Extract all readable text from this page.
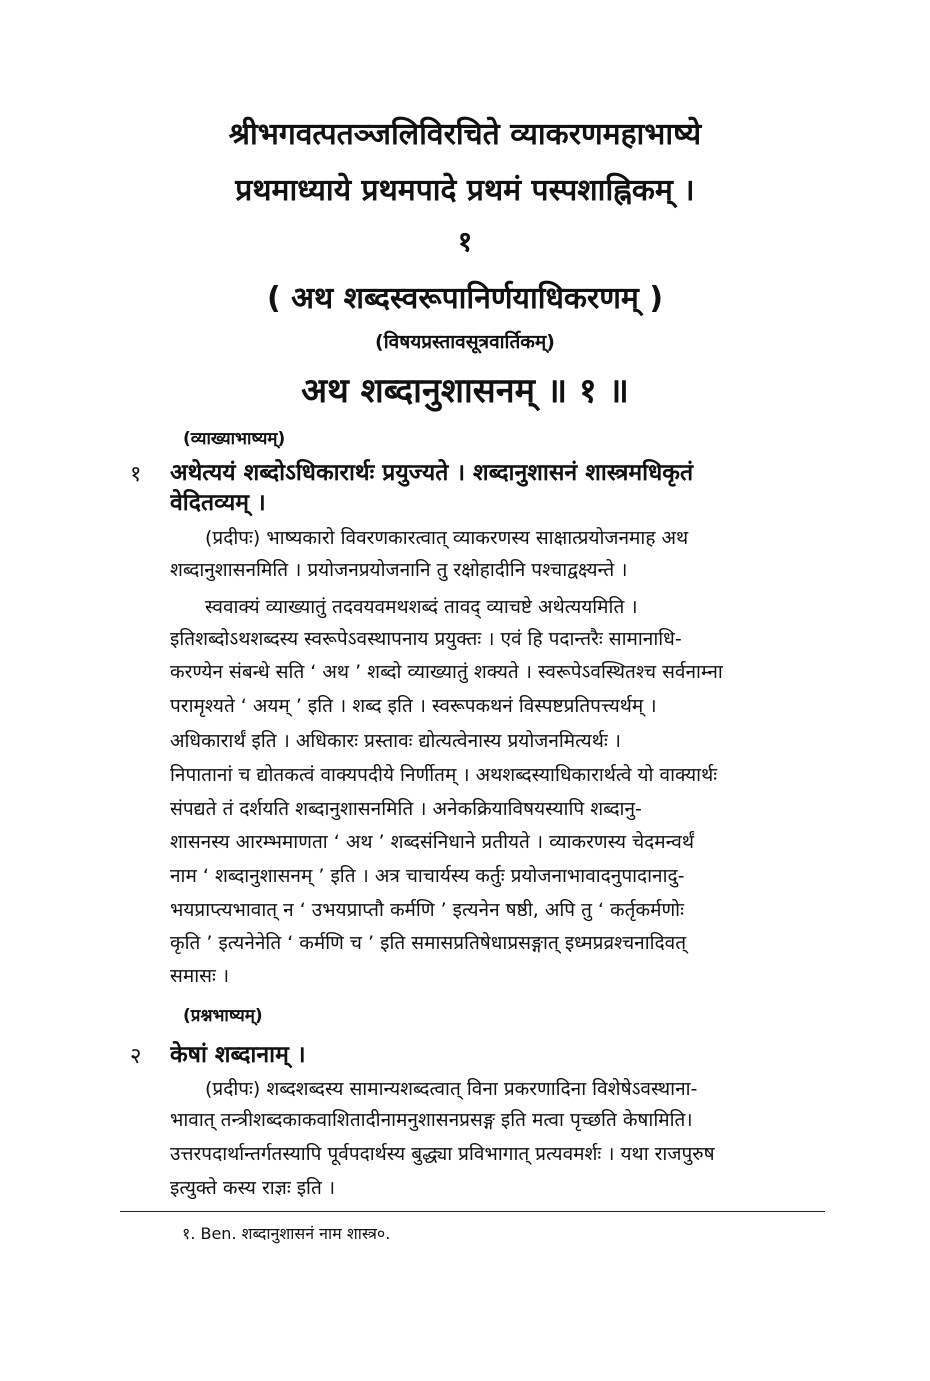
श्रीभगवत्पतञ्जलिविरचिते व्याकरणमहाभाष्ये
प्रथमाध्याये प्रथमपादे प्रथमं पस्पशाह्निकम् ।
१
( अथ शब्दस्वरूपानिर्णयाधिकरणम् )
(विषयप्रस्तावसूत्रवार्तिकम्)
अथ शब्दानुशासनम् ॥ १ ॥
(व्याख्याभाष्यम्)
१ अथेत्ययं शब्दोऽधिकारार्थः प्रयुज्यते । शब्दानुशासनं शास्त्रमधिकृतं
वेदितव्यम् ।
(प्रदीपः) भाष्यकारो विवरणकारत्वात् व्याकरणस्य साक्षात्प्रयोजनमाह अथ
शब्दानुशासनमिति । प्रयोजनप्रयोजनानि तु रक्षोहादीनि पश्चाद्वक्ष्यन्ते ।
स्ववाक्यं व्याख्यातुं तदवयवमथशब्दं तावद् व्याचष्टे अथेत्ययमिति ।
इतिशब्दोऽथशब्दस्य स्वरूपेऽवस्थापनाय प्रयुक्तः । एवं हि पदान्तरैः सामानाधि-
करण्येन संबन्धे सति ‘ अथ ’ शब्दो व्याख्यातुं शक्यते । स्वरूपेऽवस्थितश्च सर्वनाम्ना
परामृश्यते ‘ अयम् ’ इति । शब्द इति । स्वरूपकथनं विस्पष्टप्रतिपत्त्यर्थम् ।
अधिकारार्थं इति । अधिकारः प्रस्तावः द्योत्यत्वेनास्य प्रयोजनमित्यर्थः ।
निपातानां च द्योतकत्वं वाक्यपदीये निर्णीतम् । अथशब्दस्याधिकारार्थत्वे यो वाक्यार्थः
संपद्यते तं दर्शयति शब्दानुशासनमिति । अनेकक्रियाविषयस्यापि शब्दानु-
शासनस्य आरम्भमाणता ‘ अथ ’ शब्दसंनिधाने प्रतीयते । व्याकरणस्य चेदमन्वर्थं
नाम ‘ शब्दानुशासनम् ’ इति । अत्र चाचार्यस्य कर्तुः प्रयोजनाभावादनुपादानादु-
भयप्राप्त्यभावात् न ‘ उभयप्राप्तौ कर्मणि ’ इत्यनेन षष्ठी, अपि तु ‘ कर्तृकर्मणोः
कृति ’ इत्यनेनेति ‘ कर्मणि च ’ इति समासप्रतिषेधाप्रसङ्गात् इध्मप्रव्रश्चनादिवत्
समासः ।
(प्रश्नभाष्यम्)
२ केषां शब्दानाम् ।
(प्रदीपः) शब्दशब्दस्य सामान्यशब्दत्वात् विना प्रकरणादिना विशेषेऽवस्थाना-
भावात् तन्त्रीशब्दकाकवाशितादीनामनुशासनप्रसङ्ग इति मत्वा पृच्छति केषामिति।
उत्तरपदार्थान्तर्गतस्यापि पूर्वपदार्थस्य बुद्ध्या प्रविभागात् प्रत्यवमर्शः । यथा राजपुरुष
इत्युक्ते कस्य राज्ञः इति ।
१. Ben. शब्दानुशासनं नाम शास्त्र०.
